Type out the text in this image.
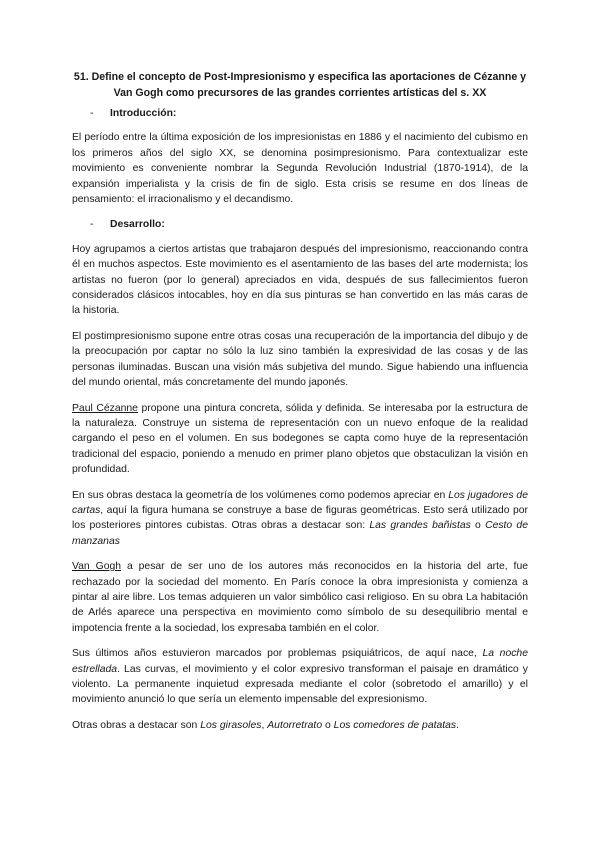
51. Define el concepto de Post-Impresionismo y especifica las aportaciones de Cézanne y Van Gogh como precursores de las grandes corrientes artísticas del s. XX
-	Introducción:

El período entre la última exposición de los impresionistas en 1886 y el nacimiento del cubismo en los primeros años del siglo XX, se denomina posimpresionismo. Para contextualizar este movimiento es conveniente nombrar la Segunda Revolución Industrial (1870-1914), de la expansión imperialista y la crisis de fin de siglo. Esta crisis se resume en dos líneas de pensamiento: el irracionalismo y el decandismo.

-	Desarrollo:

Hoy agrupamos a ciertos artistas que trabajaron después del impresionismo, reaccionando contra él en muchos aspectos. Este movimiento es el asentamiento de las bases del arte modernista; los artistas no fueron (por lo general) apreciados en vida, después de sus fallecimientos fueron considerados clásicos intocables, hoy en día sus pinturas se han convertido en las más caras de la historia.

El postimpresionismo supone entre otras cosas una recuperación de la importancia del dibujo y de la preocupación por captar no sólo la luz sino también la expresividad de las cosas y de las personas iluminadas. Buscan una visión más subjetiva del mundo. Sigue habiendo una influencia del mundo oriental, más concretamente del mundo japonés.

Paul Cézanne propone una pintura concreta, sólida y definida. Se interesaba por la estructura de la naturaleza. Construye un sistema de representación con un nuevo enfoque de la realidad cargando el peso en el volumen. En sus bodegones se capta como huye de la representación tradicional del espacio, poniendo a menudo en primer plano objetos que obstaculizan la visión en profundidad.

En sus obras destaca la geometría de los volúmenes como podemos apreciar en Los jugadores de cartas, aquí la figura humana se construye a base de figuras geométricas. Esto será utilizado por los posteriores pintores cubistas. Otras obras a destacar son: Las grandes bañistas o Cesto de manzanas

Van Gogh a pesar de ser uno de los autores más reconocidos en la historia del arte, fue rechazado por la sociedad del momento. En París conoce la obra impresionista y comienza a pintar al aire libre. Los temas adquieren un valor simbólico casi religioso. En su obra La habitación de Arlés aparece una perspectiva en movimiento como símbolo de su desequilibrio mental e impotencia frente a la sociedad, los expresaba también en el color.

Sus últimos años estuvieron marcados por problemas psiquiátricos, de aquí nace, La noche estrellada. Las curvas, el movimiento y el color expresivo transforman el paisaje en dramático y violento. La permanente inquietud expresada mediante el color (sobretodo el amarillo) y el movimiento anunció lo que sería un elemento impensable del expresionismo.

Otras obras a destacar son Los girasoles, Autorretrato o Los comedores de patatas.
